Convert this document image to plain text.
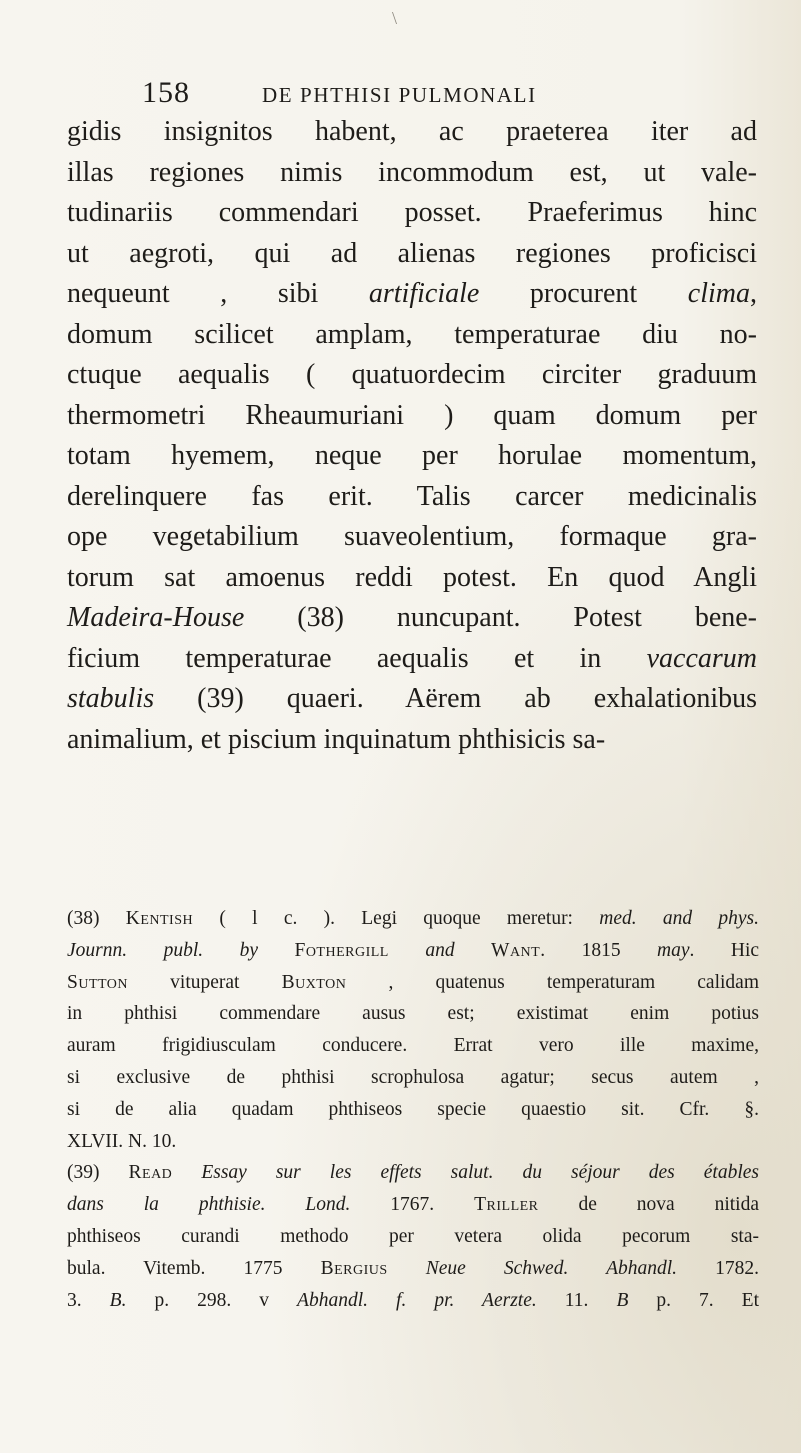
\
158	DE PHTHISI PULMONALI
gidis insignitos habent, ac praeterea iter ad
illas regiones nimis incommodum est, ut vale-
tudinariis commendari posset. Praeferimus hinc
ut aegroti, qui ad alienas regiones proficisci
nequeunt , sibi artificiale procurent clima,
domum scilicet amplam, temperaturae diu no-
ctuque aequalis ( quatuordecim circiter graduum
thermometri Rheaumuriani ) quam domum per
totam hyemem, neque per horulae momentum,
derelinquere fas erit. Talis carcer medicinalis
ope vegetabilium suaveolentium, formaque gra-
torum sat amoenus reddi potest. En quod Angli
Madeira-House (38) nuncupant. Potest bene-
ficium temperaturae aequalis et in vaccarum
stabulis (39) quaeri. Aërem ab exhalationibus
animalium, et piscium inquinatum phthisicis sa-
(38) Kentish ( l c. ). Legi quoque meretur: med. and phys.
Journn. publ. by Fothergill and Want. 1815 may. Hic
Sutton vituperat Buxton , quatenus temperaturam calidam
in phthisi commendare ausus est; existimat enim potius
auram frigidiusculam conducere. Errat vero ille maxime,
si exclusive de phthisi scrophulosa agatur; secus autem ,
si de alia quadam phthiseos specie quaestio sit. Cfr. §.
XLVII. N. 10.
(39) Read Essay sur les effets salut. du séjour des étables
dans la phthisie. Lond. 1767. Triller de nova nitida
phthiseos curandi methodo per vetera olida pecorum sta-
bula. Vitemb. 1775 Bergius Neue Schwed. Abhandl. 1782.
3. B. p. 298. v Abhandl. f. pr. Aerzte. 11. B p. 7. Et
